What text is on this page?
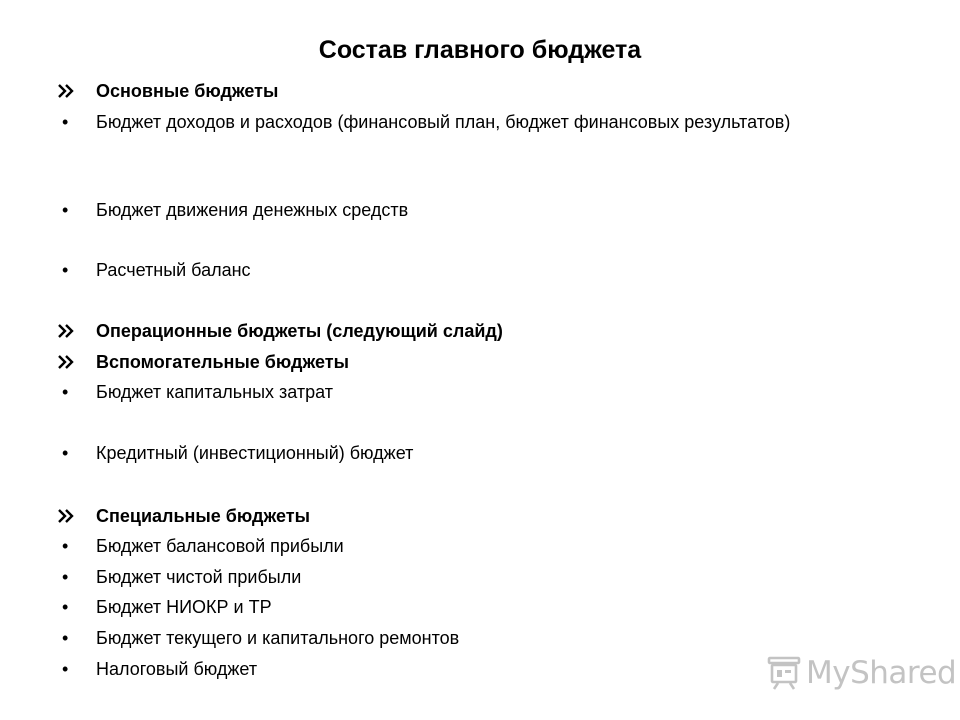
Состав главного бюджета
Основные бюджеты
•	Бюджет доходов и расходов (финансовый план, бюджет финансовых результатов)
•	Бюджет движения денежных средств
•	Расчетный баланс
Операционные бюджеты (следующий слайд)
Вспомогательные бюджеты
•	Бюджет капитальных затрат
•	Кредитный (инвестиционный) бюджет
Специальные бюджеты
•	Бюджет балансовой прибыли
•	Бюджет чистой прибыли
•	Бюджет НИОКР и ТР
•	Бюджет текущего и капитального ремонтов
•	Налоговый бюджет	MyShared
